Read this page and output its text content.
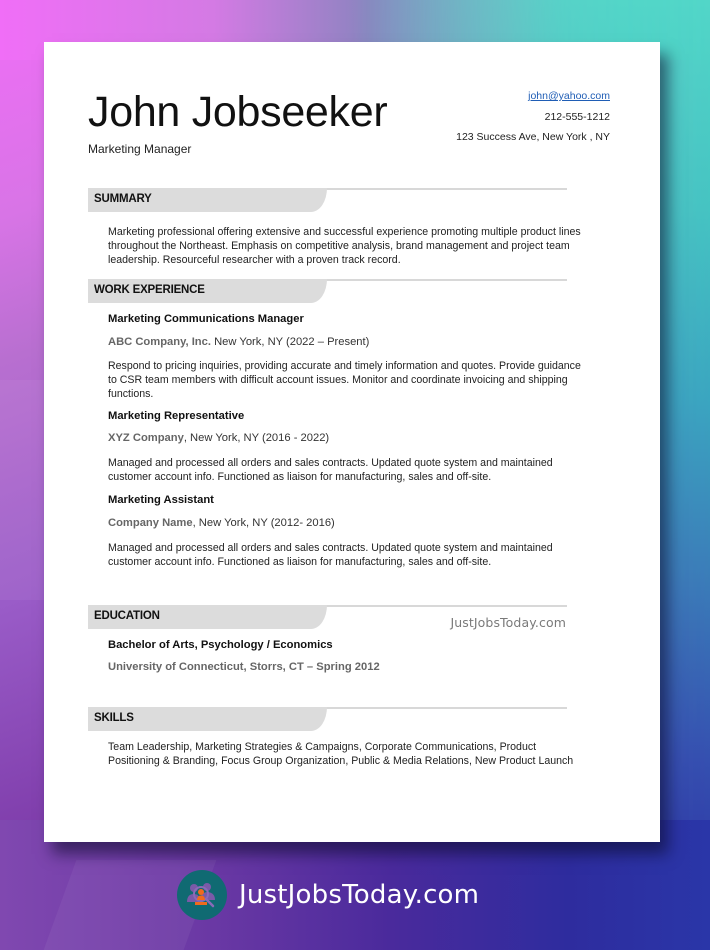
John Jobseeker
Marketing Manager
john@yahoo.com
212-555-1212
123 Success Ave, New York , NY
SUMMARY
Marketing professional offering extensive and successful experience promoting multiple product lines
throughout the Northeast. Emphasis on competitive analysis, brand management and project team
leadership. Resourceful researcher with a proven track record.
WORK EXPERIENCE
Marketing Communications Manager
ABC Company, Inc. New York, NY (2022 – Present)
Respond to pricing inquiries, providing accurate and timely information and quotes. Provide guidance
to CSR team members with difficult account issues. Monitor and coordinate invoicing and shipping
functions.
Marketing Representative
XYZ Company, New York, NY (2016 - 2022)
Managed and processed all orders and sales contracts. Updated quote system and maintained
customer account info. Functioned as liaison for manufacturing, sales and off-site.
Marketing Assistant
Company Name, New York, NY (2012- 2016)
Managed and processed all orders and sales contracts. Updated quote system and maintained
customer account info. Functioned as liaison for manufacturing, sales and off-site.
EDUCATION	JustJobsToday.com
Bachelor of Arts, Psychology / Economics
University of Connecticut, Storrs, CT – Spring 2012
SKILLS
Team Leadership, Marketing Strategies & Campaigns, Corporate Communications, Product
Positioning & Branding, Focus Group Organization, Public & Media Relations, New Product Launch
JustJobsToday.com
